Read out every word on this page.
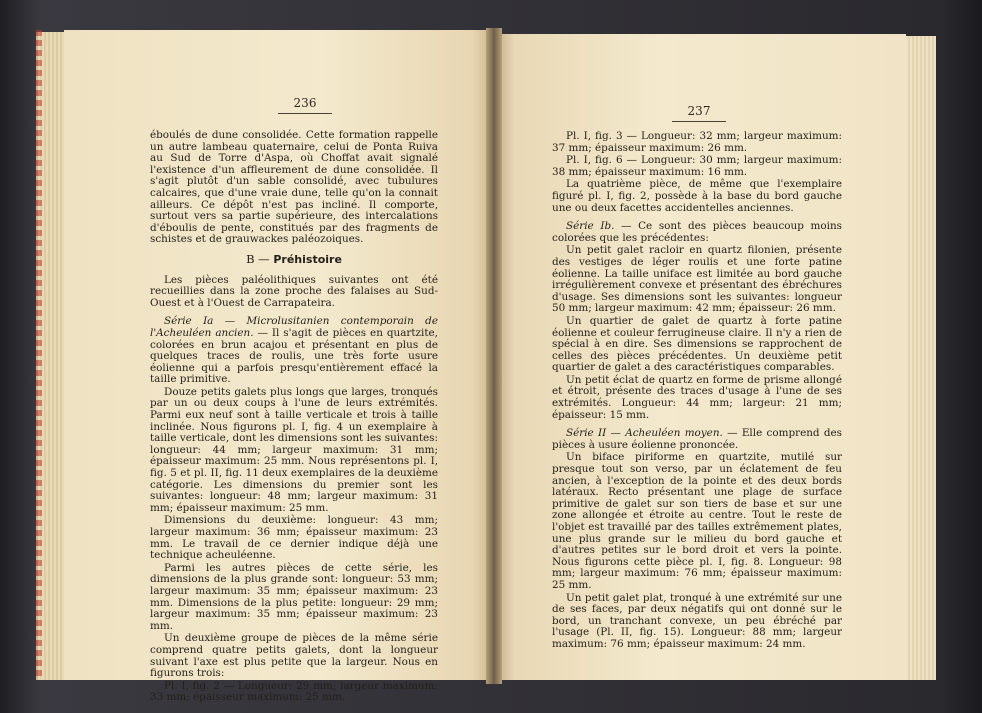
236
237

éboulés de dune consolidée. Cette formation rappelle un autre lambeau quaternaire, celui de Ponta Ruiva au Sud de Torre d'Aspa, où Choffat avait signalé l'existence d'un affleurement de dune consolidée. Il s'agit plutôt d'un sable consolidé, avec tubulures calcaires, que d'une vraie dune, telle qu'on la connait ailleurs. Ce dépôt n'est pas incliné. Il comporte, surtout vers sa partie supérieure, des intercalations d'éboulis de pente, constitués par des fragments de schistes et de grauwackes paléozoiques.

B — Préhistoire

Les pièces paléolithiques suivantes ont été recueillies dans la zone proche des falaises au Sud-Ouest et à l'Ouest de Carrapateira.

Série Ia — Microlusitanien contemporain de l'Acheuléen ancien. — Il s'agit de pièces en quartzite, colorées en brun acajou et présentant en plus de quelques traces de roulis, une très forte usure éolienne qui a parfois presqu'entièrement effacé la taille primitive.

Douze petits galets plus longs que larges, tronqués par un ou deux coups à l'une de leurs extrémités. Parmi eux neuf sont à taille verticale et trois à taille inclinée. Nous figurons pl. I, fig. 4 un exemplaire à taille verticale, dont les dimensions sont les suivantes: longueur: 44 mm; largeur maximum: 31 mm; épaisseur maximum: 25 mm. Nous représentons pl. I, fig. 5 et pl. II, fig. 11 deux exemplaires de la deuxième catégorie. Les dimensions du premier sont les suivantes: longueur: 48 mm; largeur maximum: 31 mm; épaisseur maximum: 25 mm.

Dimensions du deuxième: longueur: 43 mm; largeur maximum: 36 mm; épaisseur maximum: 23 mm. Le travail de ce dernier indique déjà une technique acheuléenne.

Parmi les autres pièces de cette série, les dimensions de la plus grande sont: longueur: 53 mm; largeur maximum: 35 mm; épaisseur maximum: 23 mm. Dimensions de la plus petite: longueur: 29 mm; largeur maximum: 35 mm; épaisseur maximum: 23 mm.

Un deuxième groupe de pièces de la même série comprend quatre petits galets, dont la longueur suivant l'axe est plus petite que la largeur. Nous en figurons trois:

Pl. I, fig. 2 — Longueur: 29 mm; largeur maximum: 33 mm; épaisseur maximum: 25 mm.

Pl. I, fig. 3 — Longueur: 32 mm; largeur maximum: 37 mm; épaisseur maximum: 26 mm.

Pl. I, fig. 6 — Longueur: 30 mm; largeur maximum: 38 mm; épaisseur maximum: 16 mm.

La quatrième pièce, de même que l'exemplaire figuré pl. I, fig. 2, possède à la base du bord gauche une ou deux facettes accidentelles anciennes.

Série Ib. — Ce sont des pièces beaucoup moins colorées que les précédentes:

Un petit galet racloir en quartz filonien, présente des vestiges de léger roulis et une forte patine éolienne. La taille uniface est limitée au bord gauche irrégulièrement convexe et présentant des ébréchures d'usage. Ses dimensions sont les suivantes: longueur 50 mm; largeur maximum: 42 mm; épaisseur: 26 mm.

Un quartier de galet de quartz à forte patine éolienne et couleur ferrugineuse claire. Il n'y a rien de spécial à en dire. Ses dimensions se rapprochent de celles des pièces précédentes. Un deuxième petit quartier de galet a des caractéristiques comparables.

Un petit éclat de quartz en forme de prisme allongé et étroit, présente des traces d'usage à l'une de ses extrémités. Longueur: 44 mm; largeur: 21 mm; épaisseur: 15 mm.

Série II — Acheuléen moyen. — Elle comprend des pièces à usure éolienne prononcée.

Un biface piriforme en quartzite, mutilé sur presque tout son verso, par un éclatement de feu ancien, à l'exception de la pointe et des deux bords latéraux. Recto présentant une plage de surface primitive de galet sur son tiers de base et sur une zone allongée et étroite au centre. Tout le reste de l'objet est travaillé par des tailles extrêmement plates, une plus grande sur le milieu du bord gauche et d'autres petites sur le bord droit et vers la pointe. Nous figurons cette pièce pl. I, fig. 8. Longueur: 98 mm; largeur maximum: 76 mm; épaisseur maximum: 25 mm.

Un petit galet plat, tronqué à une extrémité sur une de ses faces, par deux négatifs qui ont donné sur le bord, un tranchant convexe, un peu ébréché par l'usage (Pl. II, fig. 15). Longueur: 88 mm; largeur maximum: 76 mm; épaisseur maximum: 24 mm.
